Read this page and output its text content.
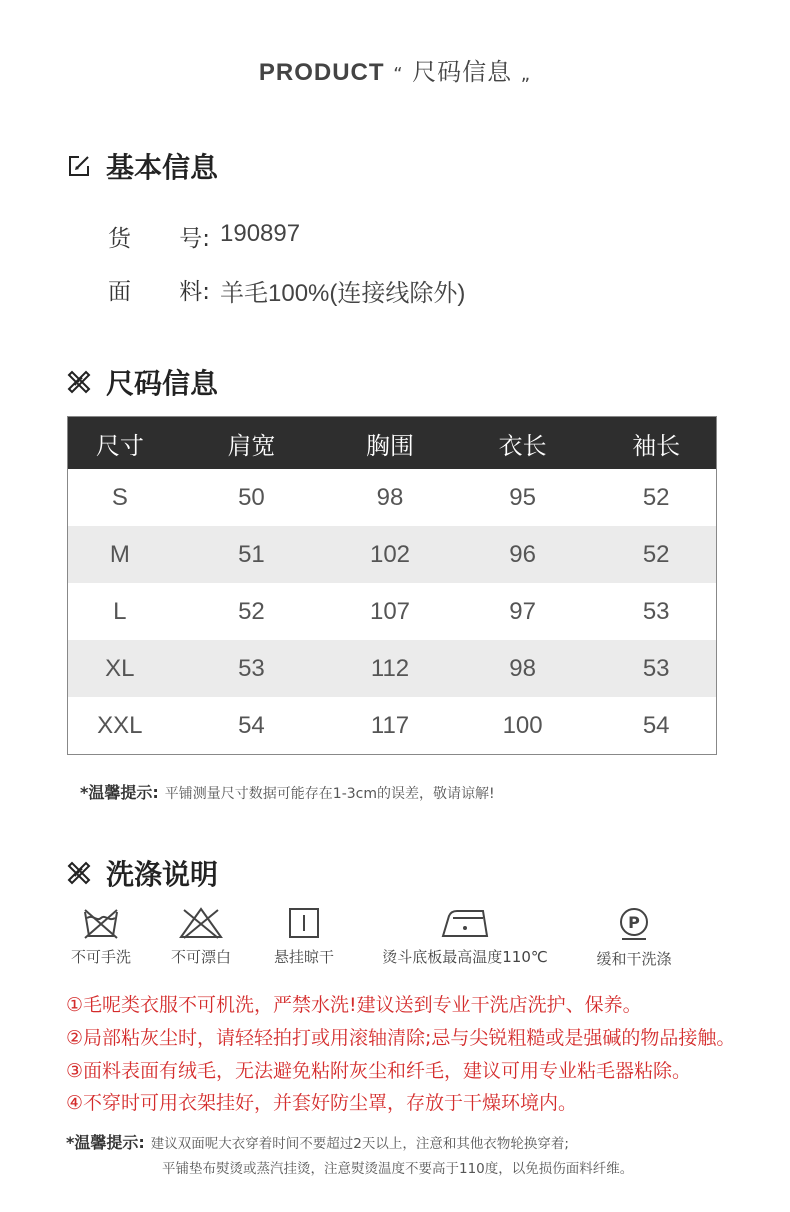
PRODUCT “ 尺码信息 „
基本信息
货 号: 190897
面 料: 羊毛100%(连接线除外)
尺码信息
尺寸	肩宽	胸围	衣长	袖长
S	50	98	95	52
M	51	102	96	52
L	52	107	97	53
XL	53	112	98	53
XXL	54	117	100	54
*温馨提示: 平铺测量尺寸数据可能存在1-3cm的误差，敬请谅解!
洗涤说明
不可手洗	不可漂白	悬挂晾干	烫斗底板最高温度110℃
P
缓和干洗涤
①毛呢类衣服不可机洗，严禁水洗!建议送到专业干洗店洗护、保养。
②局部粘灰尘时，请轻轻拍打或用滚轴清除;忌与尖锐粗糙或是强碱的物品接触。
③面料表面有绒毛，无法避免粘附灰尘和纤毛，建议可用专业粘毛器粘除。
④不穿时可用衣架挂好，并套好防尘罩，存放于干燥环境内。
*温馨提示: 建议双面呢大衣穿着时间不要超过2天以上，注意和其他衣物轮换穿着;
平铺垫布熨烫或蒸汽挂烫，注意熨烫温度不要高于110度，以免损伤面料纤维。
